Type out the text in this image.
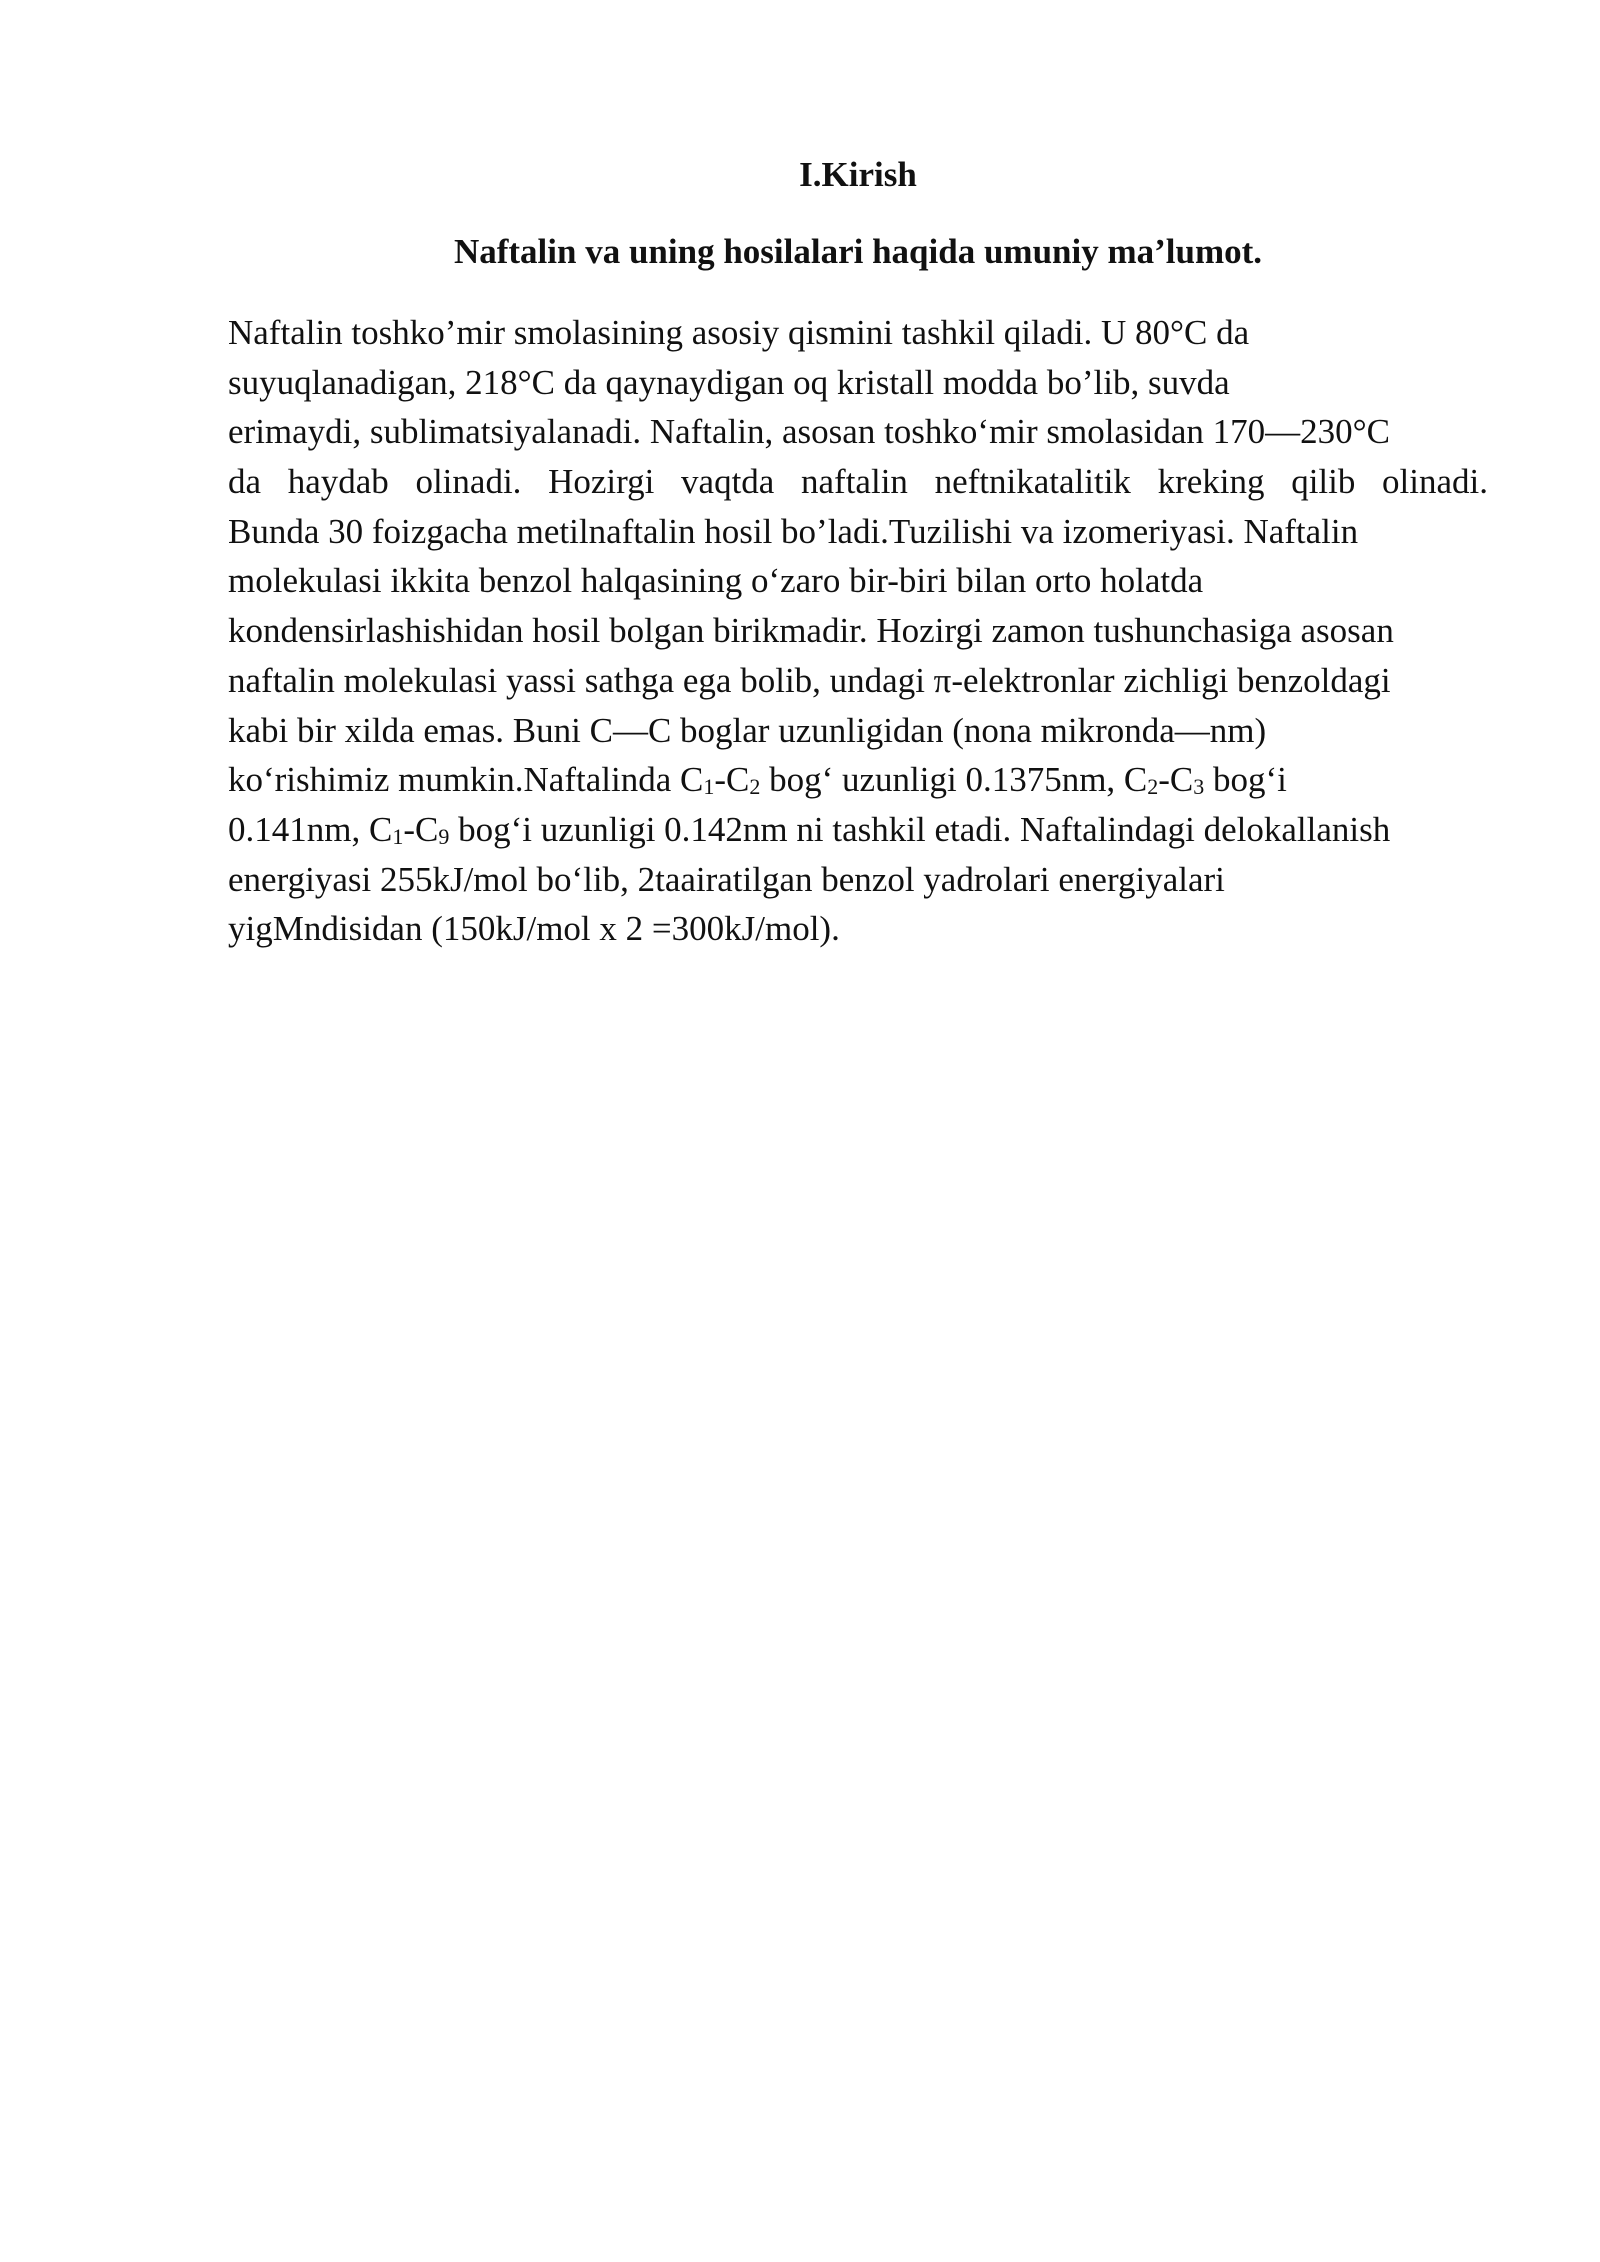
I.Kirish
Naftalin va uning hosilalari haqida umuniy ma’lumot.
Naftalin toshko’mir smolasining asosiy qismini tashkil qiladi. U 80°C da
suyuqlanadigan, 218°C da qaynaydigan oq kristall modda bo’lib, suvda
erimaydi, sublimatsiyalanadi. Naftalin, asosan toshko‘mir smolasidan 170—230°C
da haydab olinadi. Hozirgi vaqtda naftalin neftnikatalitik kreking qilib olinadi.
Bunda 30 foizgacha metilnaftalin hosil bo’ladi.Tuzilishi va izomeriyasi. Naftalin
molekulasi ikkita benzol halqasining o‘zaro bir-biri bilan orto holatda
kondensirlashishidan hosil bolgan birikmadir. Hozirgi zamon tushunchasiga asosan
naftalin molekulasi yassi sathga ega bolib, undagi π-elektronlar zichligi benzoldagi
kabi bir xilda emas. Buni C—C boglar uzunligidan (nona mikronda—nm)
ko‘rishimiz mumkin.Naftalinda $C_1-C_2$ bog‘ uzunligi 0.1375nm, $C_2-C_3$ bog‘i
0.141nm, $C_1-C_9$ bog‘i uzunligi 0.142nm ni tashkil etadi. Naftalindagi delokallanish
energiyasi 255kJ/mol bo‘lib, 2taairatilgan benzol yadrolari energiyalari
yigMndisidan (150kJ/mol x 2 =300kJ/mol).
